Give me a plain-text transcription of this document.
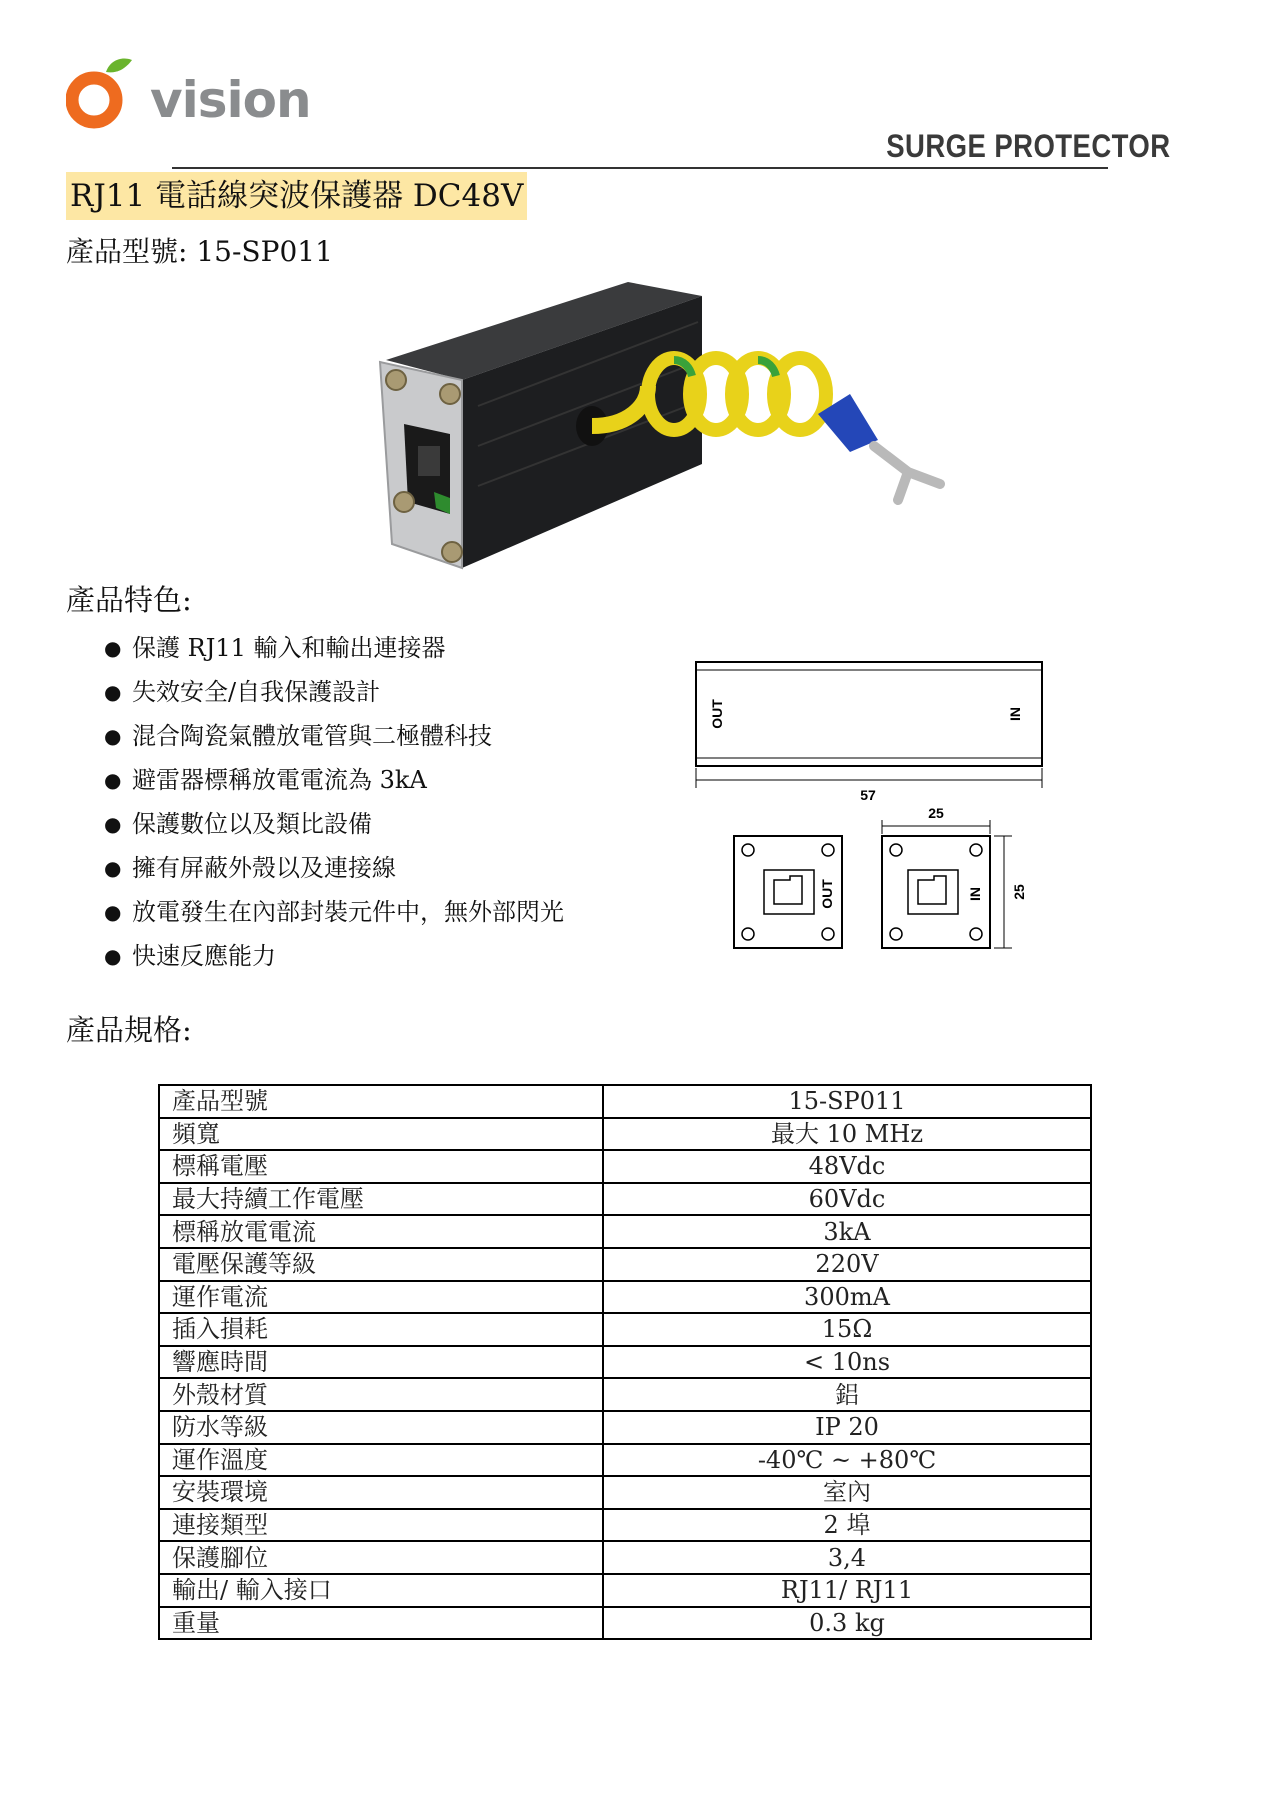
vision
SURGE PROTECTOR
RJ11 電話線突波保護器 DC48V
產品型號: 15-SP011
產品特色:
● 保護 RJ11 輸入和輸出連接器
● 失效安全/自我保護設計
● 混合陶瓷氣體放電管與二極體科技
● 避雷器標稱放電電流為 3kA
● 保護數位以及類比設備
● 擁有屏蔽外殼以及連接線
● 放電發生在內部封裝元件中，無外部閃光
● 快速反應能力
OUT	IN
57
OUT	IN
25
25
產品規格:
產品型號	15-SP011
頻寬	最大 10 MHz
標稱電壓	48Vdc
最大持續工作電壓	60Vdc
標稱放電電流	3kA
電壓保護等級	220V
運作電流	300mA
插入損耗	15Ω
響應時間	< 10ns
外殼材質	鋁
防水等級	IP 20
運作溫度	-40℃ ~ +80℃
安裝環境	室內
連接類型	2 埠
保護腳位	3,4
輸出/ 輸入接口	RJ11/ RJ11
重量	0.3 kg
